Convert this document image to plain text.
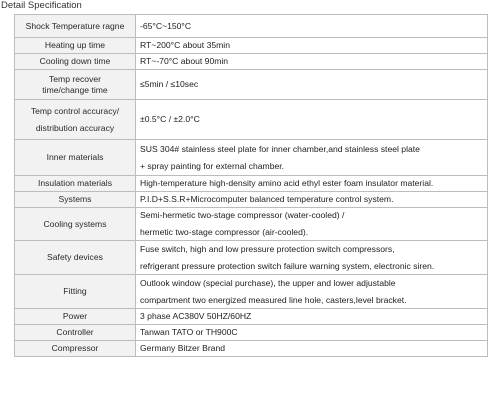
Detail Specification
Shock Temperature ragne	-65°C~150°C

Heating up time	RT~200°C about 35min

Cooling down time	RT~-70°C about 90min

Temp recover
time/change time	≤5min / ≤10sec

Temp control accuracy/
distribution accuracy	±0.5°C / ±2.0°C

Inner materials	SUS 304# stainless steel plate for inner chamber,and stainless steel plate
+ spray painting for external chamber.

Insulation materials	High-temperature high-density amino acid ethyl ester foam insulator material.

Systems	P.I.D+S.S.R+Microcomputer balanced temperature control system.

Cooling systems	Semi-hermetic two-stage compressor (water-cooled) /
hermetic two-stage compressor (air-cooled).

Safety devices	Fuse switch, high and low pressure protection switch compressors,
refrigerant pressure protection switch failure warning system, electronic siren.

Fitting	Outlook window (special purchase), the upper and lower adjustable
compartment two energized measured line hole, casters,level bracket.

Power	3 phase AC380V 50HZ/60HZ

Controller	Tanwan TATO or TH900C

Compressor	Germany Bitzer Brand
